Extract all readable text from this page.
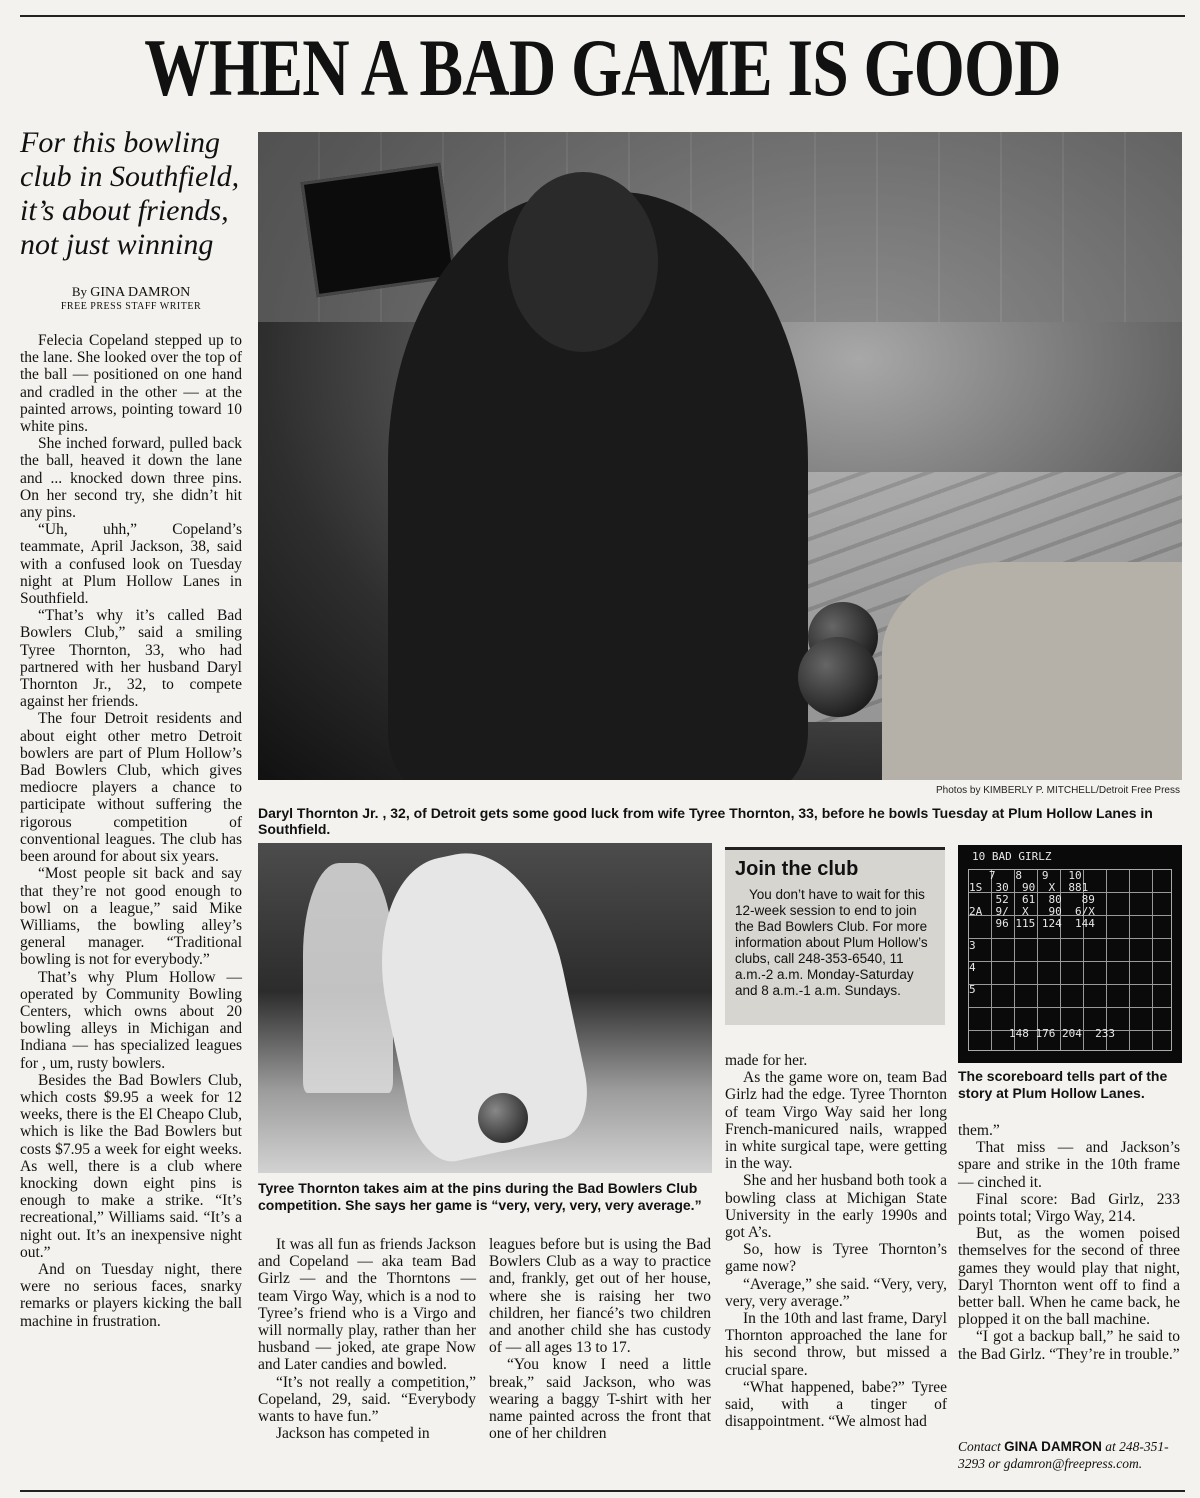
WHEN A BAD GAME IS GOOD
For this bowling club in Southfield, it’s about friends, not just winning
By GINA DAMRON
FREE PRESS STAFF WRITER
Photos by KIMBERLY P. MITCHELL/Detroit Free Press
Daryl Thornton Jr. , 32, of Detroit gets some good luck from wife Tyree Thornton, 33, before he bowls Tuesday at Plum Hollow Lanes in Southfield.
Tyree Thornton takes aim at the pins during the Bad Bowlers Club competition. She says her game is “very, very, very, very average.”
Join the club

You don’t have to wait for this 12-week session to end to join the Bad Bowlers Club. For more information about Plum Hollow’s clubs, call 248-353-6540, 11 a.m.-2 a.m. Monday-Saturday and 8 a.m.-1 a.m. Sundays.

10 BAD GIRLZ
7   8   9   10
1S  30  90  X  881
52  61  80   89
2A  9/  X   90  6/X
96 115 124  144
3
4
5
148 176 204  233
The scoreboard tells part of the story at Plum Hollow Lanes.

Felecia Copeland stepped up to the lane. She looked over the top of the ball — positioned on one hand and cradled in the other — at the painted arrows, pointing toward 10 white pins.

She inched forward, pulled back the ball, heaved it down the lane and ... knocked down three pins. On her second try, she didn’t hit any pins.

“Uh, uhh,” Copeland’s teammate, April Jackson, 38, said with a confused look on Tuesday night at Plum Hollow Lanes in Southfield.

“That’s why it’s called Bad Bowlers Club,” said a smiling Tyree Thornton, 33, who had partnered with her husband Daryl Thornton Jr., 32, to compete against her friends.

The four Detroit residents and about eight other metro Detroit bowlers are part of Plum Hollow’s Bad Bowlers Club, which gives mediocre players a chance to participate without suffering the rigorous competition of conventional leagues. The club has been around for about six years.

“Most people sit back and say that they’re not good enough to bowl on a league,” said Mike Williams, the bowling alley’s general manager. “Traditional bowling is not for everybody.”

That’s why Plum Hollow — operated by Community Bowling Centers, which owns about 20 bowling alleys in Michigan and Indiana — has specialized leagues for , um, rusty bowlers.

Besides the Bad Bowlers Club, which costs $9.95 a week for 12 weeks, there is the El Cheapo Club, which is like the Bad Bowlers but costs $7.95 a week for eight weeks. As well, there is a club where knocking down eight pins is enough to make a strike. “It’s recreational,” Williams said. “It’s a night out. It’s an inexpensive night out.”

And on Tuesday night, there were no serious faces, snarky remarks or players kicking the ball machine in frustration.

It was all fun as friends Jackson and Copeland — aka team Bad Girlz — and the Thorntons — team Virgo Way, which is a nod to Tyree’s friend who is a Virgo and will normally play, rather than her husband — joked, ate grape Now and Later candies and bowled.

“It’s not really a competition,” Copeland, 29, said. “Everybody wants to have fun.”

Jackson has competed in

leagues before but is using the Bad Bowlers Club as a way to practice and, frankly, get out of her house, where she is raising her two children, her fiancé’s two children and another child she has custody of — all ages 13 to 17.

“You know I need a little break,” said Jackson, who was wearing a baggy T-shirt with her name painted across the front that one of her children

made for her.

As the game wore on, team Bad Girlz had the edge. Tyree Thornton of team Virgo Way said her long French-manicured nails, wrapped in white surgical tape, were getting in the way.

She and her husband both took a bowling class at Michigan State University in the early 1990s and got A’s.

So, how is Tyree Thornton’s game now?

“Average,” she said. “Very, very, very, very average.”

In the 10th and last frame, Daryl Thornton approached the lane for his second throw, but missed a crucial spare.

“What happened, babe?” Tyree said, with a tinger of disappointment. “We almost had

them.”

That miss — and Jackson’s spare and strike in the 10th frame — cinched it.

Final score: Bad Girlz, 233 points total; Virgo Way, 214.

But, as the women poised themselves for the second of three games they would play that night, Daryl Thornton went off to find a better ball. When he came back, he plopped it on the ball machine.

“I got a backup ball,” he said to the Bad Girlz. “They’re in trouble.”

Contact GINA DAMRON at 248-351-3293 or gdamron@freepress.com.
